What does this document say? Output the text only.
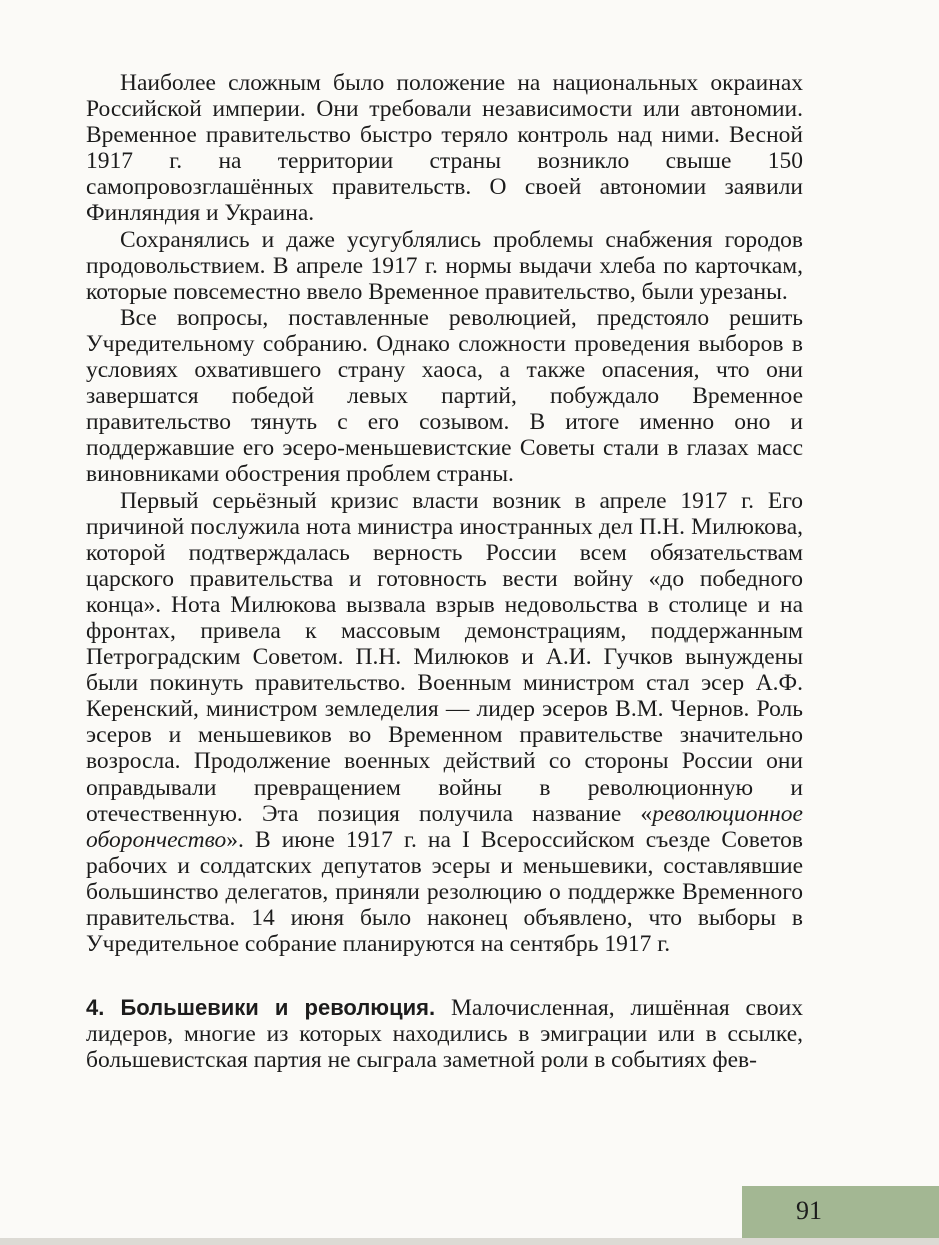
Наиболее сложным было положение на национальных окраинах Российской империи. Они требовали независимости или автономии. Временное правительство быстро теряло контроль над ними. Весной 1917 г. на территории страны возникло свыше 150 самопровозглашённых правительств. О своей автономии заявили Финляндия и Украина.

Сохранялись и даже усугублялись проблемы снабжения городов продовольствием. В апреле 1917 г. нормы выдачи хлеба по карточкам, которые повсеместно ввело Временное правительство, были урезаны.

Все вопросы, поставленные революцией, предстояло решить Учредительному собранию. Однако сложности проведения выборов в условиях охватившего страну хаоса, а также опасения, что они завершатся победой левых партий, побуждало Временное правительство тянуть с его созывом. В итоге именно оно и поддержавшие его эсеро-меньшевистские Советы стали в глазах масс виновниками обострения проблем страны.

Первый серьёзный кризис власти возник в апреле 1917 г. Его причиной послужила нота министра иностранных дел П.Н. Милюкова, которой подтверждалась верность России всем обязательствам царского правительства и готовность вести войну «до победного конца». Нота Милюкова вызвала взрыв недовольства в столице и на фронтах, привела к массовым демонстрациям, поддержанным Петроградским Советом. П.Н. Милюков и А.И. Гучков вынуждены были покинуть правительство. Военным министром стал эсер А.Ф. Керенский, министром земледелия — лидер эсеров В.М. Чернов. Роль эсеров и меньшевиков во Временном правительстве значительно возросла. Продолжение военных действий со стороны России они оправдывали превращением войны в революционную и отечественную. Эта позиция получила название «революционное оборончество». В июне 1917 г. на I Всероссийском съезде Советов рабочих и солдатских депутатов эсеры и меньшевики, составлявшие большинство делегатов, приняли резолюцию о поддержке Временного правительства. 14 июня было наконец объявлено, что выборы в Учредительное собрание планируются на сентябрь 1917 г.

4. Большевики и революция. Малочисленная, лишённая своих лидеров, многие из которых находились в эмиграции или в ссылке, большевистская партия не сыграла заметной роли в событиях фев-

91
